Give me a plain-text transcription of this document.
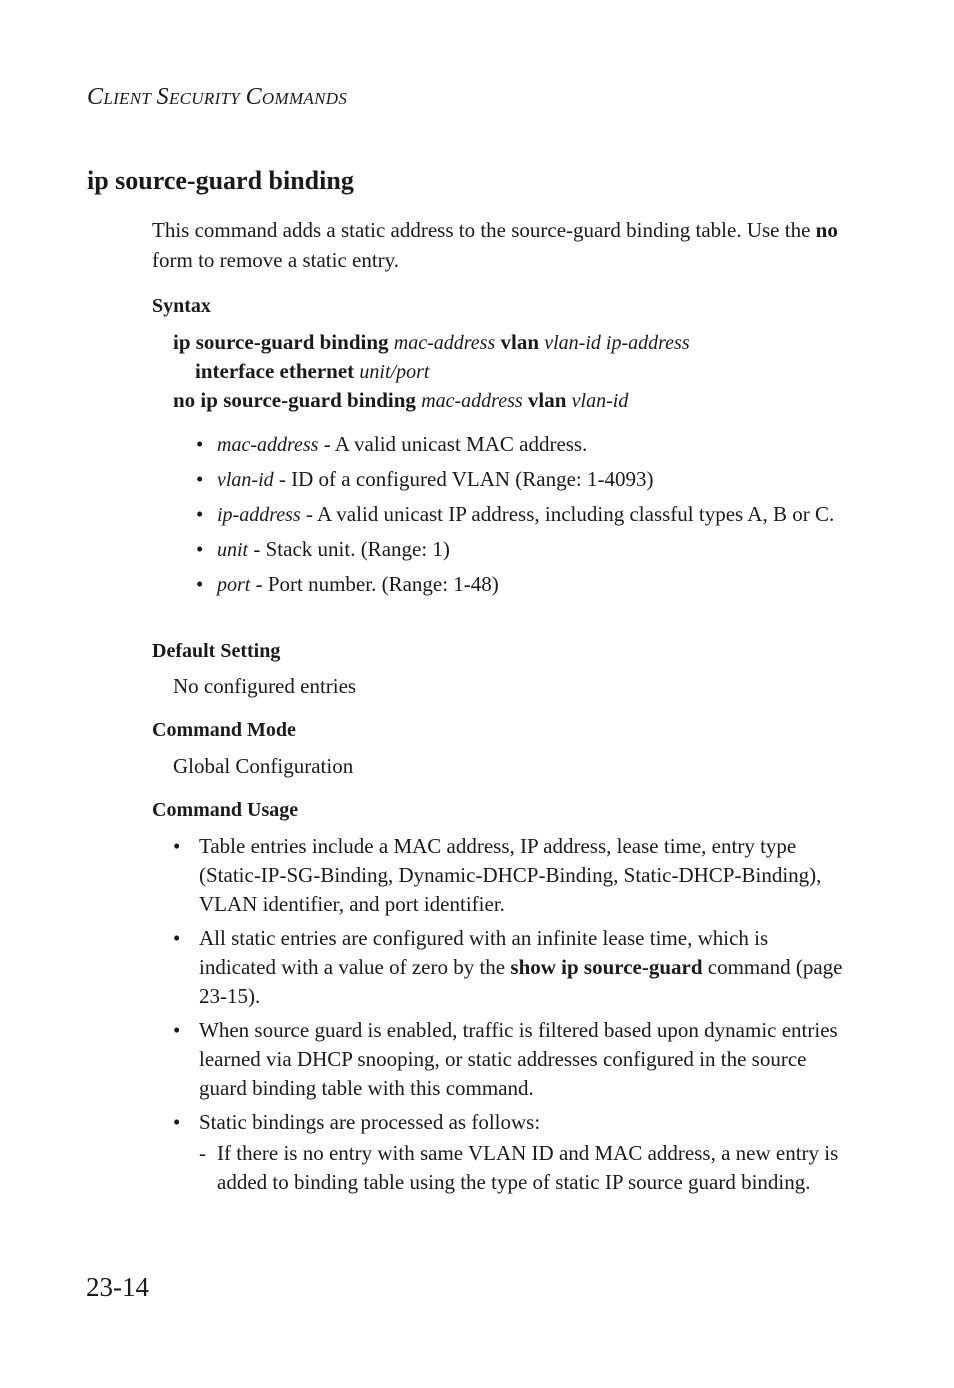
CLIENT SECURITY COMMANDS
ip source-guard binding

This command adds a static address to the source-guard binding table. Use the no form to remove a static entry.

Syntax
ip source-guard binding mac-address vlan vlan-id ip-address
interface ethernet unit/port
no ip source-guard binding mac-address vlan vlan-id
• mac-address - A valid unicast MAC address.
• vlan-id - ID of a configured VLAN (Range: 1-4093)
• ip-address - A valid unicast IP address, including classful types A, B or C.
• unit - Stack unit. (Range: 1)
• port - Port number. (Range: 1-48)
Default Setting
No configured entries
Command Mode
Global Configuration
Command Usage
• Table entries include a MAC address, IP address, lease time, entry type (Static-IP-SG-Binding, Dynamic-DHCP-Binding, Static-DHCP-Binding), VLAN identifier, and port identifier.
• All static entries are configured with an infinite lease time, which is indicated with a value of zero by the show ip source-guard command (page 23-15).
• When source guard is enabled, traffic is filtered based upon dynamic entries learned via DHCP snooping, or static addresses configured in the source guard binding table with this command.
• Static bindings are processed as follows:
- If there is no entry with same VLAN ID and MAC address, a new entry is added to binding table using the type of static IP source guard binding.
23-14
